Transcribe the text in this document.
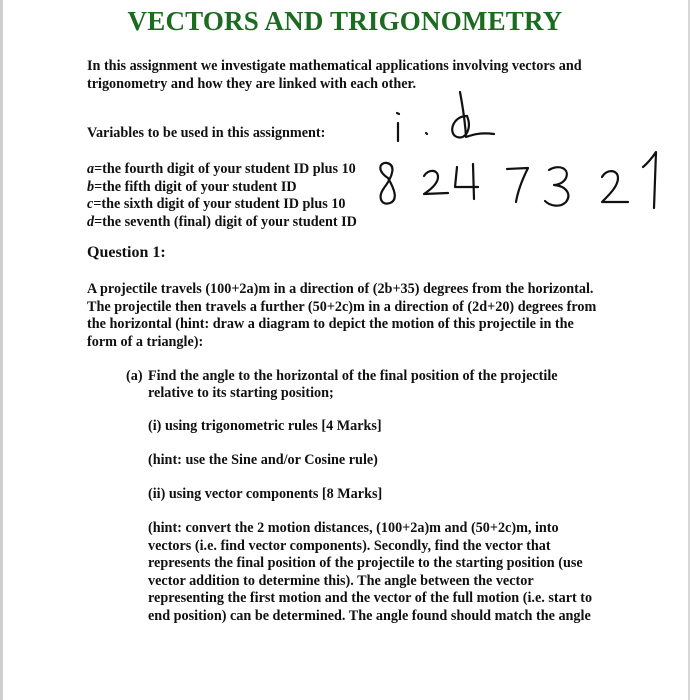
VECTORS AND TRIGONOMETRY
In this assignment we investigate mathematical applications involving vectors and trigonometry and how they are linked with each other.
Variables to be used in this assignment:
a=the fourth digit of your student ID plus 10
b=the fifth digit of your student ID
c=the sixth digit of your student ID plus 10
d=the seventh (final) digit of your student ID
Question 1:
A projectile travels (100+2a)m in a direction of (2b+35) degrees from the horizontal. The projectile then travels a further (50+2c)m in a direction of (2d+20) degrees from the horizontal (hint: draw a diagram to depict the motion of this projectile in the form of a triangle):
(a) Find the angle to the horizontal of the final position of the projectile relative to its starting position;
(i) using trigonometric rules [4 Marks]
(hint: use the Sine and/or Cosine rule)
(ii) using vector components [8 Marks]
(hint: convert the 2 motion distances, (100+2a)m and (50+2c)m, into vectors (i.e. find vector components). Secondly, find the vector that represents the final position of the projectile to the starting position (use vector addition to determine this). The angle between the vector representing the first motion and the vector of the full motion (i.e. start to end position) can be determined. The angle found should match the angle
